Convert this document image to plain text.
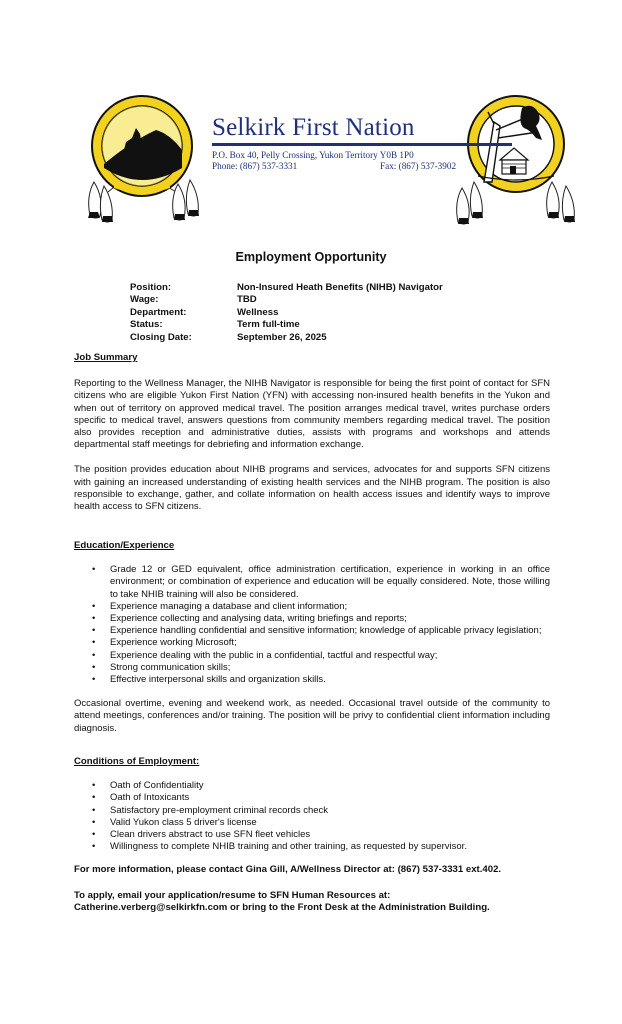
Selkirk First Nation
P.O. Box 40, Pelly Crossing, Yukon Territory Y0B 1P0
Phone: (867) 537-3331	Fax: (867) 537-3902
Employment Opportunity
Position:	Non-Insured Heath Benefits (NIHB) Navigator
Wage:	TBD
Department:	Wellness
Status:	Term full-time
Closing Date:	September 26, 2025
Job Summary

Reporting to the Wellness Manager, the NIHB Navigator is responsible for being the first point of contact for SFN citizens who are eligible Yukon First Nation (YFN) with accessing non-insured health benefits in the Yukon and when out of territory on approved medical travel. The position arranges medical travel, writes purchase orders specific to medical travel, answers questions from community members regarding medical travel. The position also provides reception and administrative duties, assists with programs and workshops and attends departmental staff meetings for debriefing and information exchange.

The position provides education about NIHB programs and services, advocates for and supports SFN citizens with gaining an increased understanding of existing health services and the NIHB program. The position is also responsible to exchange, gather, and collate information on health access issues and identify ways to improve health access to SFN citizens.

Education/Experience
• Grade 12 or GED equivalent, office administration certification, experience in working in an office environment; or combination of experience and education will be equally considered. Note, those willing to take NHIB training will also be considered.
• Experience managing a database and client information;
• Experience collecting and analysing data, writing briefings and reports;
• Experience handling confidential and sensitive information; knowledge of applicable privacy legislation;
• Experience working Microsoft;
• Experience dealing with the public in a confidential, tactful and respectful way;
• Strong communication skills;
• Effective interpersonal skills and organization skills.

Occasional overtime, evening and weekend work, as needed. Occasional travel outside of the community to attend meetings, conferences and/or training. The position will be privy to confidential client information including diagnosis.

Conditions of Employment:
• Oath of Confidentiality
• Oath of Intoxicants
• Satisfactory pre-employment criminal records check
• Valid Yukon class 5 driver's license
• Clean drivers abstract to use SFN fleet vehicles
• Willingness to complete NHIB training and other training, as requested by supervisor.
For more information, please contact Gina Gill, A/Wellness Director at: (867) 537-3331 ext.402.
To apply, email your application/resume to SFN Human Resources at:
Catherine.verberg@selkirkfn.com or bring to the Front Desk at the Administration Building.
